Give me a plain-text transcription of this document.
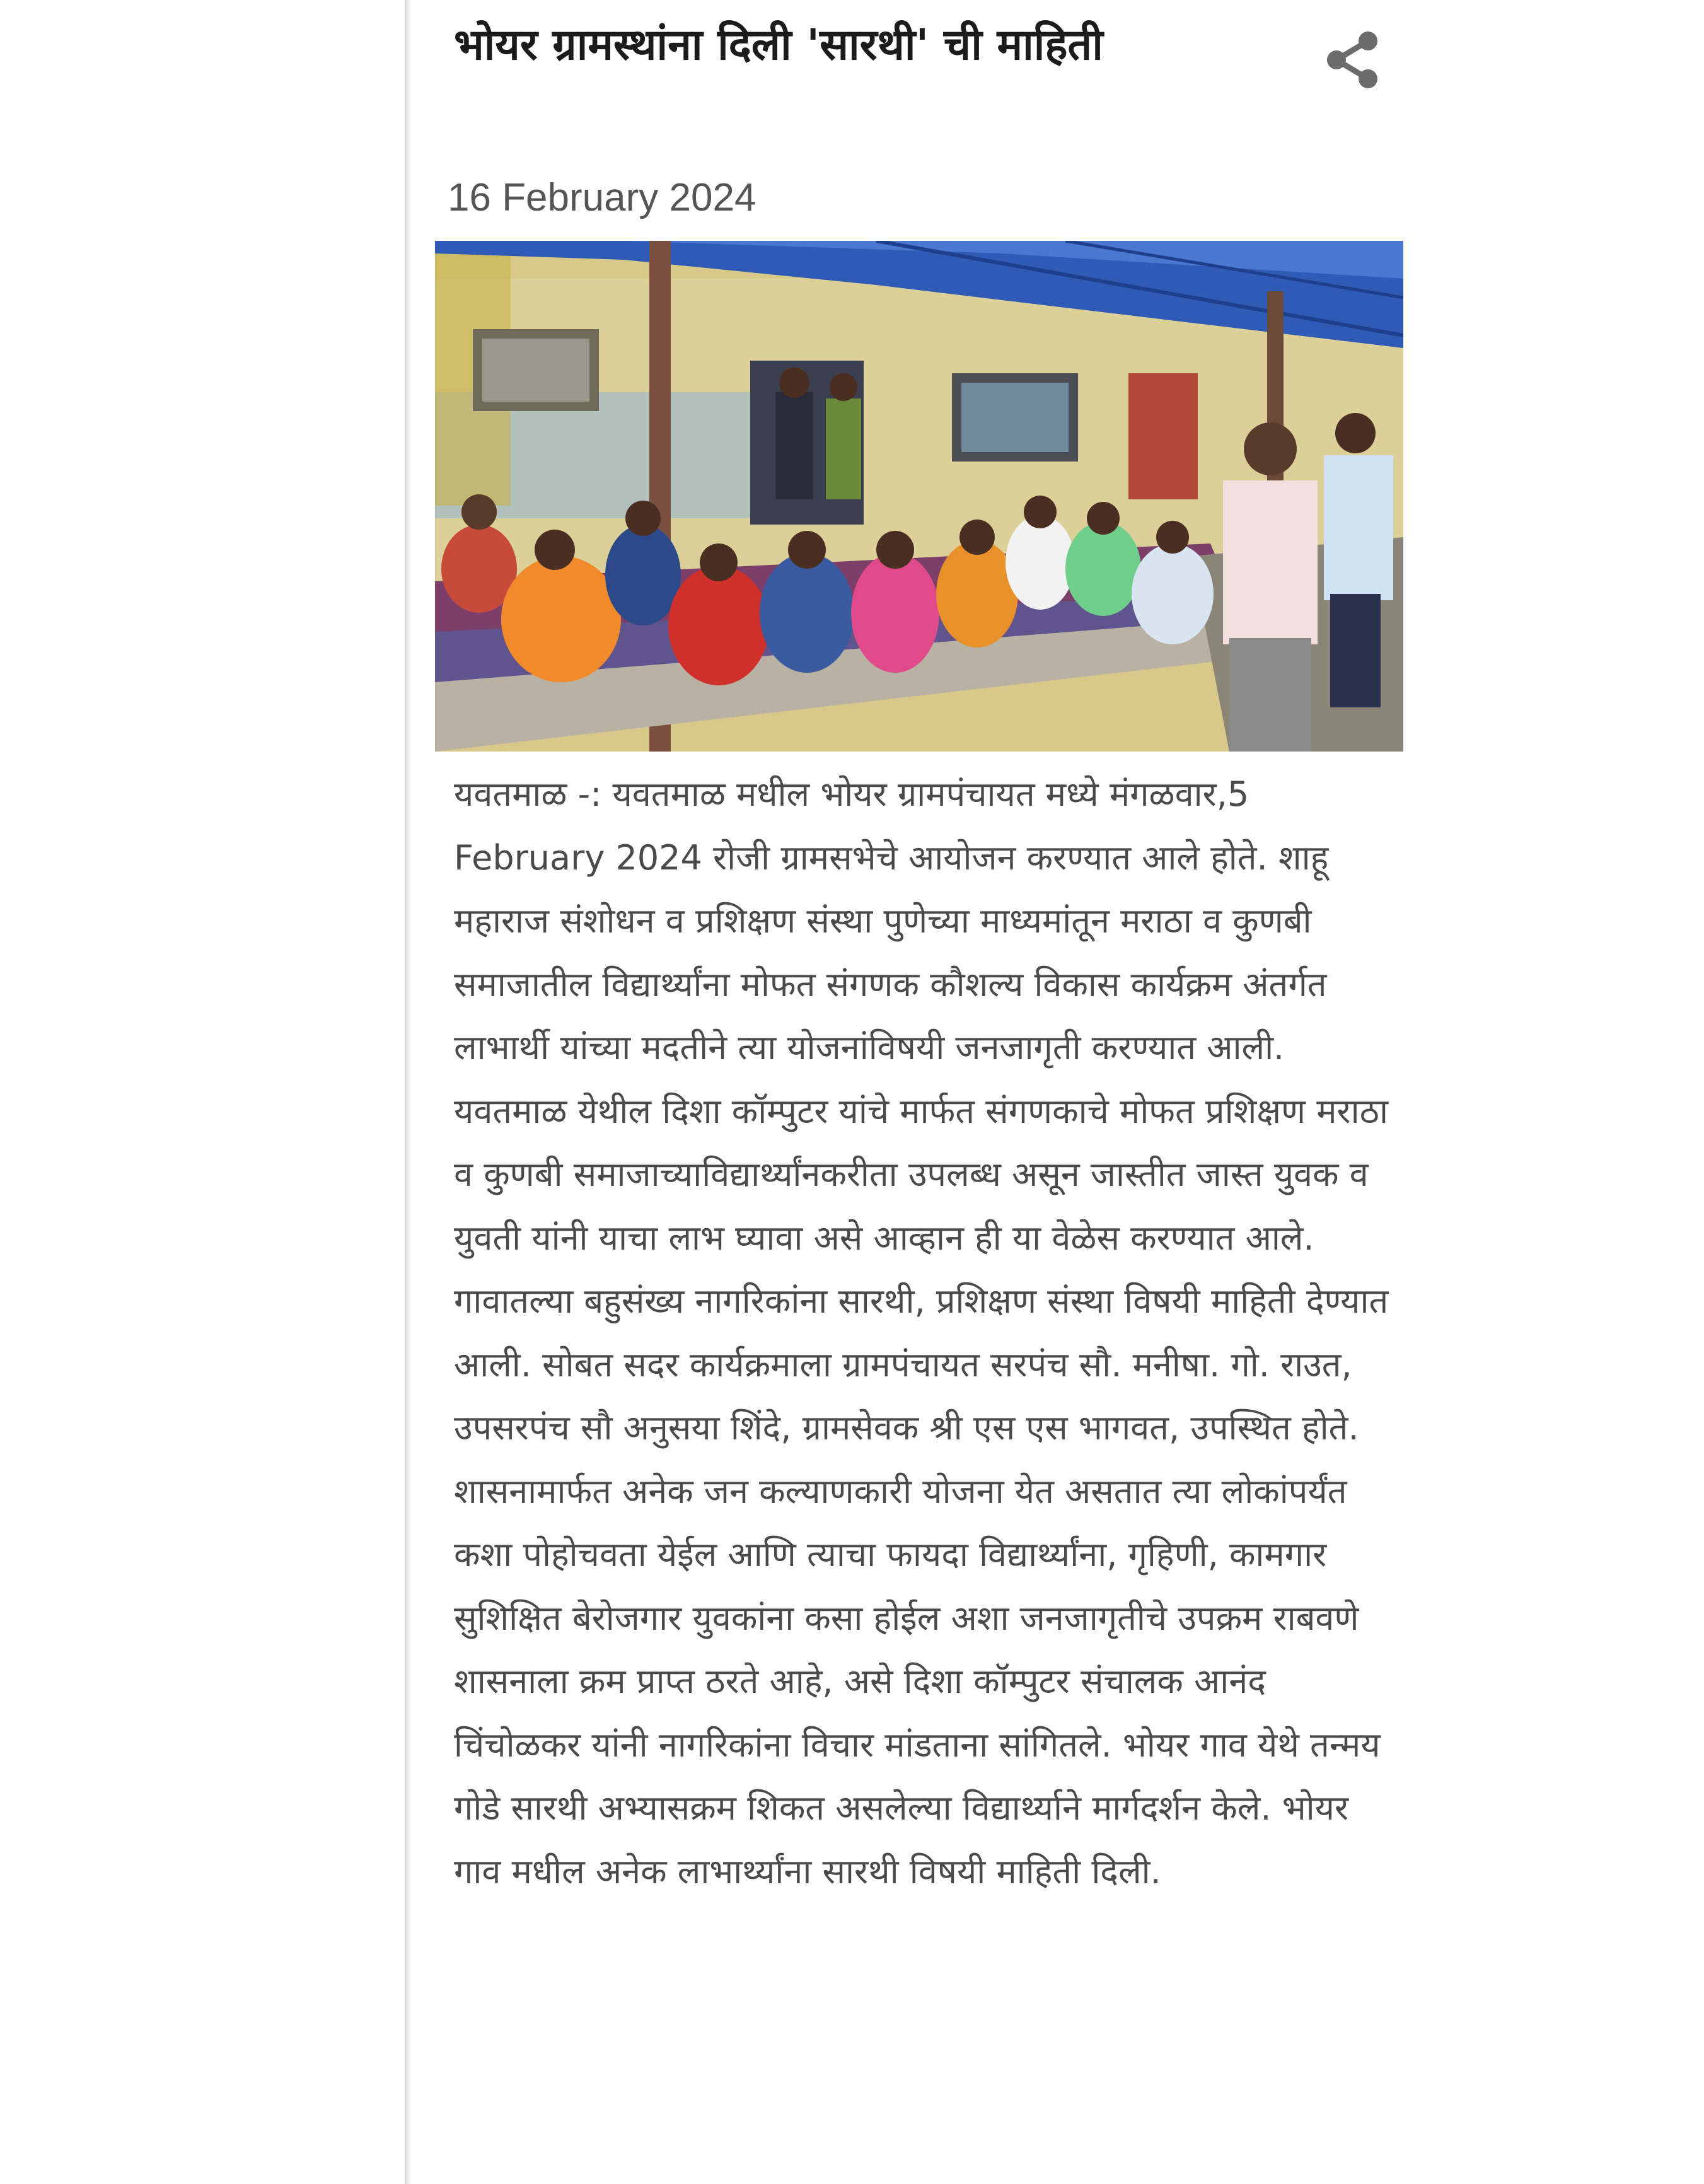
भोयर ग्रामस्थांना दिली 'सारथी' ची माहिती
16 February 2024

यवतमाळ -: यवतमाळ मधील भोयर ग्रामपंचायत मध्ये मंगळवार,5 February 2024 रोजी ग्रामसभेचे आयोजन करण्यात आले होते. शाहू महाराज संशोधन व प्रशिक्षण संस्था पुणेच्या माध्यमांतून मराठा व कुणबी समाजातील विद्यार्थ्यांना मोफत संगणक कौशल्य विकास कार्यक्रम अंतर्गत लाभार्थी यांच्या मदतीने त्या योजनांविषयी जनजागृती करण्यात आली. यवतमाळ येथील दिशा कॉम्पुटर यांचे मार्फत संगणकाचे मोफत प्रशिक्षण मराठा व कुणबी समाजाच्याविद्यार्थ्यांनकरीता उपलब्ध असून जास्तीत जास्त युवक व युवती यांनी याचा लाभ घ्यावा असे आव्हान ही या वेळेस करण्यात आले. गावातल्या बहुसंख्य नागरिकांना सारथी, प्रशिक्षण संस्था विषयी माहिती देण्यात आली. सोबत सदर कार्यक्रमाला ग्रामपंचायत सरपंच सौ. मनीषा. गो. राउत, उपसरपंच सौ अनुसया शिंदे, ग्रामसेवक श्री एस एस भागवत, उपस्थित होते. शासनामार्फत अनेक जन कल्याणकारी योजना येत असतात त्या लोकांपर्यंत कशा पोहोचवता येईल आणि त्याचा फायदा विद्यार्थ्यांना, गृहिणी, कामगार सुशिक्षित बेरोजगार युवकांना कसा होईल अशा जनजागृतीचे उपक्रम राबवणे शासनाला क्रम प्राप्त ठरते आहे, असे दिशा कॉम्पुटर संचालक आनंद चिंचोळकर यांनी नागरिकांना विचार मांडताना सांगितले. भोयर गाव येथे तन्मय गोडे सारथी अभ्यासक्रम शिकत असलेल्या विद्यार्थ्याने मार्गदर्शन केले. भोयर गाव मधील अनेक लाभार्थ्यांना सारथी विषयी माहिती दिली.
